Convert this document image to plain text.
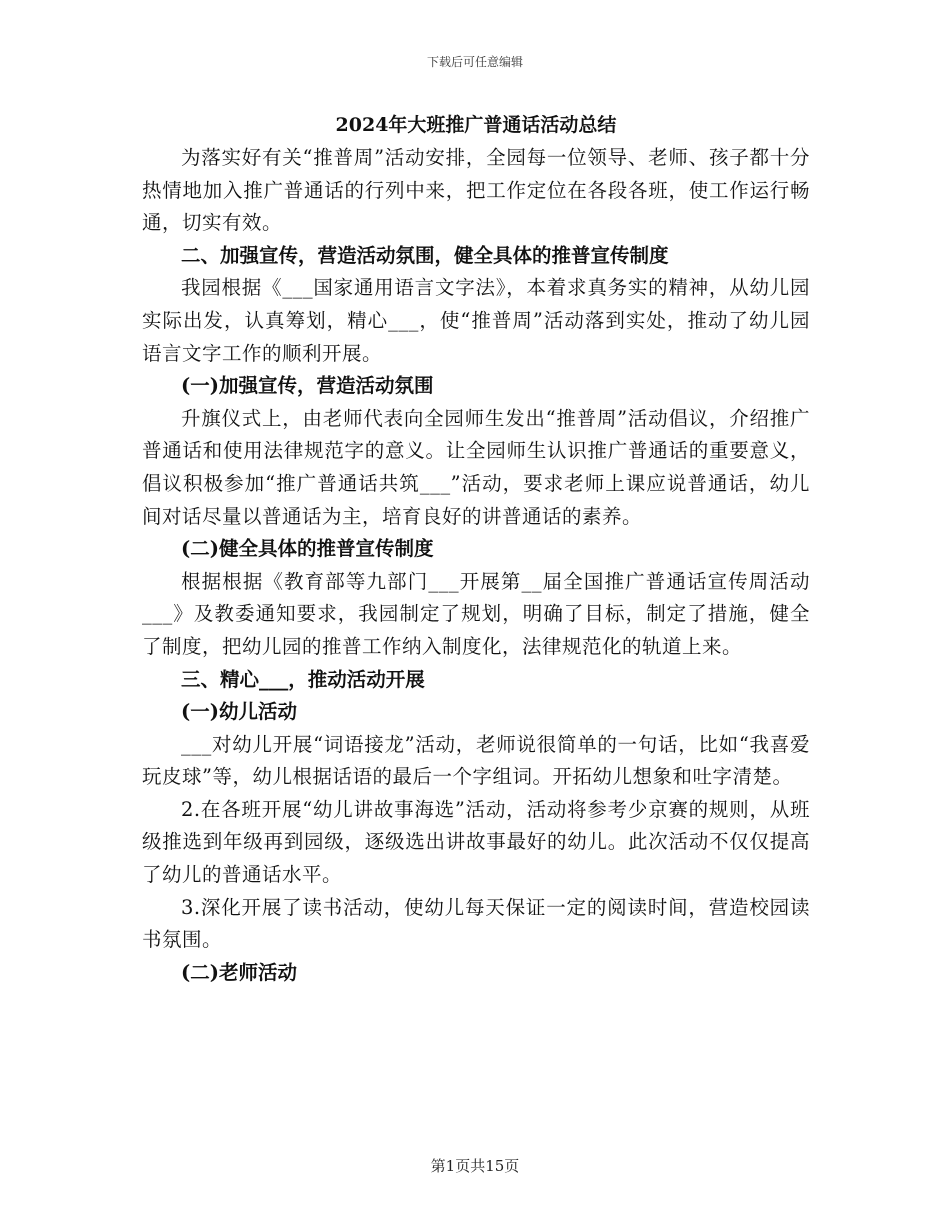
下载后可任意编辑
2024年大班推广普通话活动总结

为落实好有关“推普周”活动安排，全园每一位领导、老师、孩子都十分热情地加入推广普通话的行列中来，把工作定位在各段各班，使工作运行畅通，切实有效。

二、加强宣传，营造活动氛围，健全具体的推普宣传制度

我园根据《___国家通用语言文字法》，本着求真务实的精神，从幼儿园实际出发，认真筹划，精心___，使“推普周”活动落到实处，推动了幼儿园语言文字工作的顺利开展。

(一)加强宣传，营造活动氛围

升旗仪式上，由老师代表向全园师生发出“推普周”活动倡议，介绍推广普通话和使用法律规范字的意义。让全园师生认识推广普通话的重要意义，倡议积极参加“推广普通话共筑___”活动，要求老师上课应说普通话，幼儿间对话尽量以普通话为主，培育良好的讲普通话的素养。

(二)健全具体的推普宣传制度

根据根据《教育部等九部门___开展第__届全国推广普通话宣传周活动___》及教委通知要求，我园制定了规划，明确了目标，制定了措施，健全了制度，把幼儿园的推普工作纳入制度化，法律规范化的轨道上来。

三、精心___，推动活动开展

(一)幼儿活动

___对幼儿开展“词语接龙”活动，老师说很简单的一句话，比如“我喜爱玩皮球”等，幼儿根据话语的最后一个字组词。开拓幼儿想象和吐字清楚。

2.在各班开展“幼儿讲故事海选”活动，活动将参考少京赛的规则，从班级推选到年级再到园级，逐级选出讲故事最好的幼儿。此次活动不仅仅提高了幼儿的普通话水平。

3.深化开展了读书活动，使幼儿每天保证一定的阅读时间，营造校园读书氛围。

(二)老师活动

第1页共15页
